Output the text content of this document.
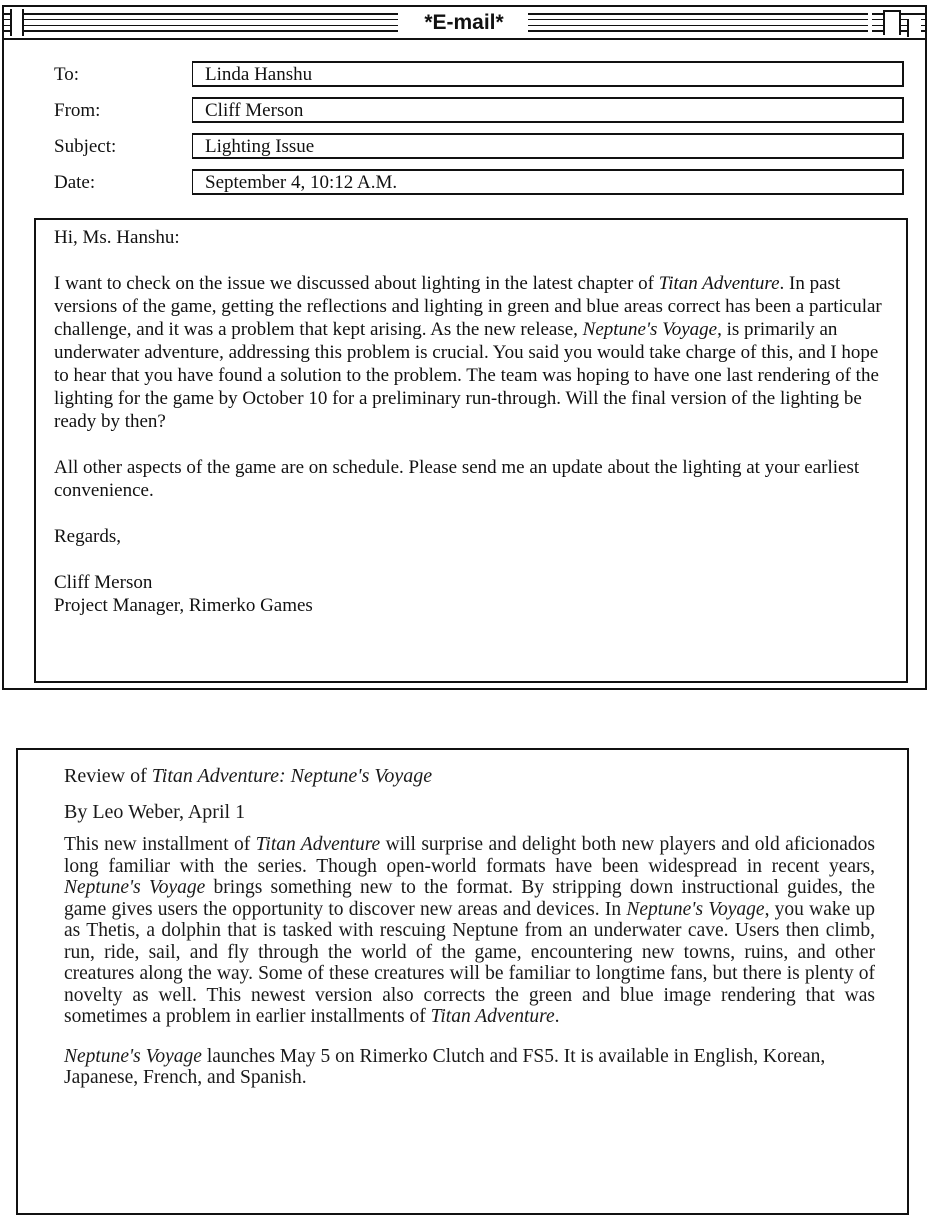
*E-mail*
To:	Linda Hanshu
From:	Cliff Merson
Subject:	Lighting Issue
Date:	September 4, 10:12 A.M.

Hi, Ms. Hanshu:

I want to check on the issue we discussed about lighting in the latest chapter of Titan Adventure. In past versions of the game, getting the reflections and lighting in green and blue areas correct has been a particular challenge, and it was a problem that kept arising. As the new release, Neptune's Voyage, is primarily an underwater adventure, addressing this problem is crucial. You said you would take charge of this, and I hope to hear that you have found a solution to the problem. The team was hoping to have one last rendering of the lighting for the game by October 10 for a preliminary run-through. Will the final version of the lighting be ready by then?

All other aspects of the game are on schedule. Please send me an update about the lighting at your earliest convenience.

Regards,

Cliff Merson

Project Manager, Rimerko Games

Review of Titan Adventure: Neptune's Voyage

By Leo Weber, April 1

This new installment of Titan Adventure will surprise and delight both new players and old aficionados long familiar with the series. Though open-world formats have been widespread in recent years, Neptune's Voyage brings something new to the format. By stripping down instructional guides, the game gives users the opportunity to discover new areas and devices. In Neptune's Voyage, you wake up as Thetis, a dolphin that is tasked with rescuing Neptune from an underwater cave. Users then climb, run, ride, sail, and fly through the world of the game, encountering new towns, ruins, and other creatures along the way. Some of these creatures will be familiar to longtime fans, but there is plenty of novelty as well. This newest version also corrects the green and blue image rendering that was sometimes a problem in earlier installments of Titan Adventure.

Neptune's Voyage launches May 5 on Rimerko Clutch and FS5. It is available in English, Korean, Japanese, French, and Spanish.
